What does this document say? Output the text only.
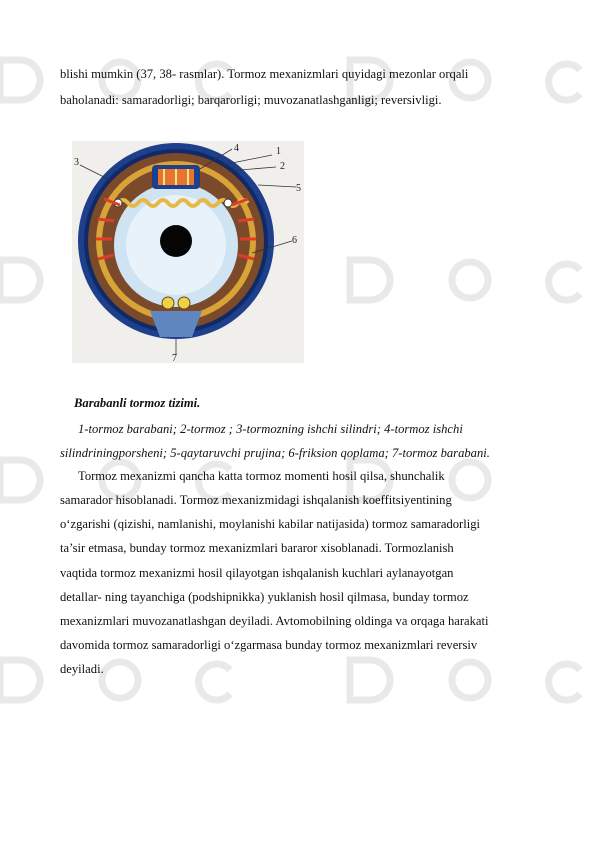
blishi mumkin (37, 38- rasmlar). Tormoz mexanizmlari quyidagi mezonlar orqali
baholanadi: samaradorligi; barqarorligi; muvozanatlashganligi; reversivligi.
1
2
3
4
5
6
7
Barabanli tormoz tizimi.
1-tormoz barabani; 2-tormoz ; 3-tormozning ishchi silindri; 4-tormoz ishchi
silindriningporsheni; 5-qaytaruvchi prujina; 6-friksion qoplama; 7-tormoz barabani.
Tormoz mexanizmi qancha katta tormoz momenti hosil qilsa, shunchalik
samarador hisoblanadi. Tormoz mexanizmidagi ishqalanish koeffitsiyentining
o‘zgarishi (qizishi, namlanishi, moylanishi kabilar natijasida) tormoz samaradorligi
ta’sir etmasa, bunday tormoz mexanizmlari bararor xisoblanadi. Tormozlanish
vaqtida tormoz mexanizmi hosil qilayotgan ishqalanish kuchlari aylanayotgan
detallar- ning tayanchiga (podshipnikka) yuklanish hosil qilmasa, bunday tormoz
mexanizmlari muvozanatlashgan deyiladi. Avtomobilning oldinga va orqaga harakati
davomida tormoz samaradorligi o‘zgarmasa bunday tormoz mexanizmlari reversiv
deyiladi.
